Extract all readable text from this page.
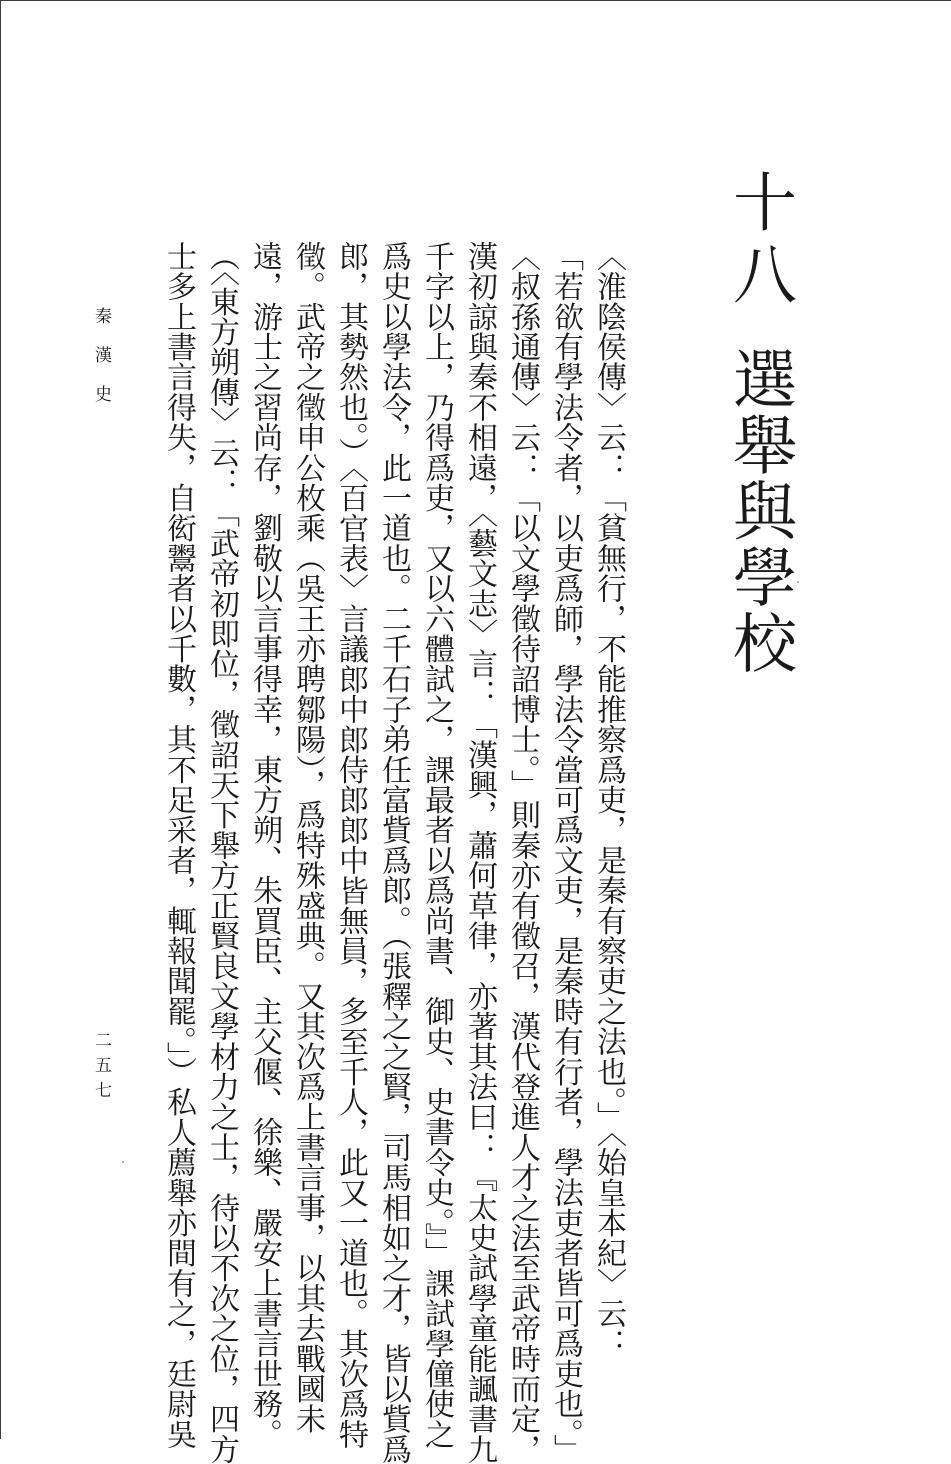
十八
選舉與學校
〈淮陰侯傳〉云：「貧無行，不能推察爲吏，是秦有察吏之法也。」〈始皇本紀〉云：
「若欲有學法令者，以吏爲師，學法令當可爲文吏，是秦時有行者，學法吏者皆可爲吏也。」
〈叔孫通傳〉云：「以文學徵待詔博士。」則秦亦有徵召，漢代登進人才之法至武帝時而定，
漢初諒與秦不相遠，〈藝文志〉言：「漢興，蕭何草律，亦著其法曰：『太史試學童能諷書九
千字以上，乃得爲吏，又以六體試之，課最者以爲尚書、御史、史書令史。』」課試學僮使之
爲史以學法令，此一道也。二千石子弟任富貲爲郎。（張釋之之賢，司馬相如之才，皆以貲爲
郎，其勢然也。）〈百官表〉言議郎中郎侍郎郎中皆無員，多至千人，此又一道也。其次爲特
徵。武帝之徵申公枚乘（吳王亦聘鄒陽），爲特殊盛典。又其次爲上書言事，以其去戰國未
遠，游士之習尚存，劉敬以言事得幸，東方朔、朱買臣、主父偃、徐樂、嚴安上書言世務。
（〈東方朔傳〉云：「武帝初即位，徵詔天下舉方正賢良文學材力之士，待以不次之位，四方
士多上書言得失，自衒鬻者以千數，其不足采者，輒報聞罷。」）私人薦舉亦間有之，廷尉吳
秦漢史
二五七
